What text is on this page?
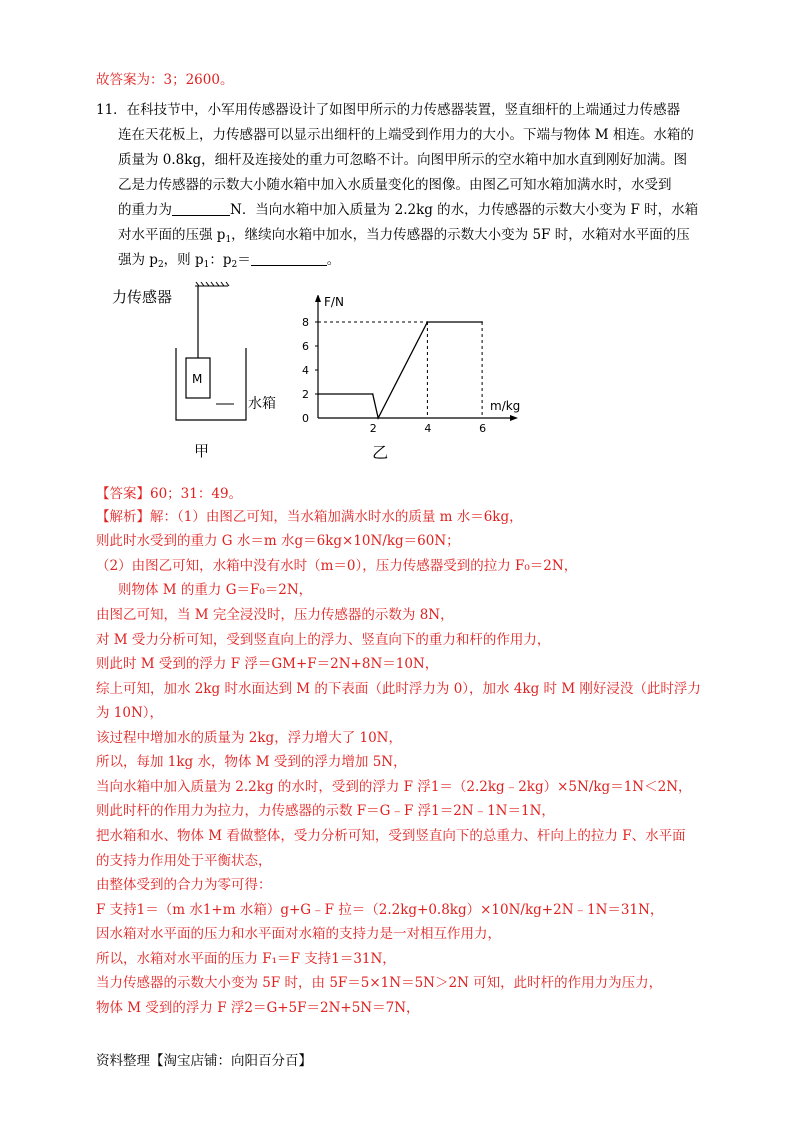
故答案为：3；2600。
11．在科技节中，小军用传感器设计了如图甲所示的力传感器装置，竖直细杆的上端通过力传感器
连在天花板上，力传感器可以显示出细杆的上端受到作用力的大小。下端与物体 M 相连。水箱的
质量为 0.8kg，细杆及连接处的重力可忽略不计。向图甲所示的空水箱中加水直到刚好加满。图
乙是力传感器的示数大小随水箱中加入水质量变化的图像。由图乙可知水箱加满水时，水受到
的重力为	N．当向水箱中加入质量为 2.2kg 的水，力传感器的示数大小变为 F 时，水箱
对水平面的压强 $p_1$，继续向水箱中加水，当力传感器的示数大小变为 5F 时，水箱对水平面的压
强为 $p_2$，则 $p_1$：$p_2=$	。
力传感器
M
水箱
甲
F/N
m/kg
0
2
4
6
8
2	4	6
乙
【答案】60；31：49。
【解析】解：（1）由图乙可知，当水箱加满水时水的质量 m 水＝6kg，
则此时水受到的重力 G 水＝m 水g＝6kg×10N/kg＝60N；
（2）由图乙可知，水箱中没有水时（m＝0），压力传感器受到的拉力 F₀＝2N，
则物体 M 的重力 G＝F₀＝2N，
由图乙可知，当 M 完全浸没时，压力传感器的示数为 8N，
对 M 受力分析可知，受到竖直向上的浮力、竖直向下的重力和杆的作用力，
则此时 M 受到的浮力 F 浮＝GM+F＝2N+8N＝10N，
综上可知，加水 2kg 时水面达到 M 的下表面（此时浮力为 0），加水 4kg 时 M 刚好浸没（此时浮力
为 10N），
该过程中增加水的质量为 2kg，浮力增大了 10N，
所以，每加 1kg 水，物体 M 受到的浮力增加 5N，
当向水箱中加入质量为 2.2kg 的水时，受到的浮力 F 浮1＝（2.2kg﹣2kg）×5N/kg＝1N＜2N，
则此时杆的作用力为拉力，力传感器的示数 F＝G﹣F 浮1＝2N﹣1N＝1N，
把水箱和水、物体 M 看做整体，受力分析可知，受到竖直向下的总重力、杆向上的拉力 F、水平面
的支持力作用处于平衡状态，
由整体受到的合力为零可得：
F 支持1＝（m 水1+m 水箱）g+G﹣F 拉＝（2.2kg+0.8kg）×10N/kg+2N﹣1N＝31N，
因水箱对水平面的压力和水平面对水箱的支持力是一对相互作用力，
所以，水箱对水平面的压力 F₁＝F 支持1＝31N，
当力传感器的示数大小变为 5F 时，由 5F＝5×1N＝5N＞2N 可知，此时杆的作用力为压力，
物体 M 受到的浮力 F 浮2＝G+5F＝2N+5N＝7N，
资料整理【淘宝店铺：向阳百分百】
